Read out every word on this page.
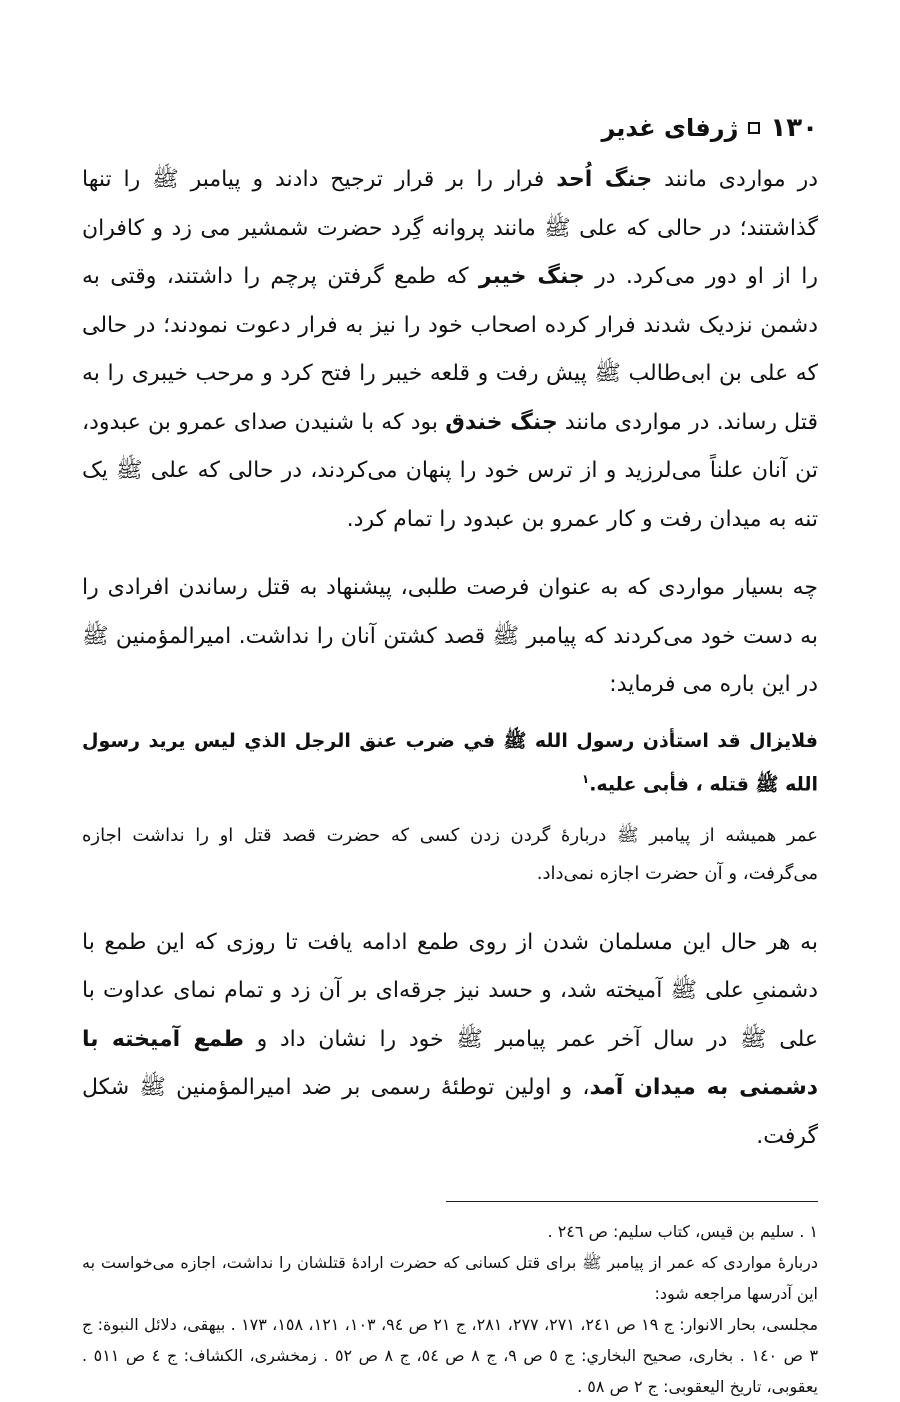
١٣٠
ژرفای غدیر

در مواردی مانند جنگ اُحد فرار را بر قرار ترجیح دادند و پیامبر ﷺ را تنها گذاشتند؛ در حالی که علی ﷺ مانند پروانه گِرد حضرت شمشیر می زد و کافران را از او دور می‌کرد. در جنگ خیبر که طمع گرفتن پرچم را داشتند، وقتی به دشمن نزدیک شدند فرار کرده اصحاب خود را نیز به فرار دعوت نمودند؛ در حالی که علی بن ابی‌طالب ﷺ پیش رفت و قلعه خیبر را فتح کرد و مرحب خیبری را به قتل رساند. در مواردی مانند جنگ خندق بود که با شنیدن صدای عمرو بن عبدود، تن آنان علناً می‌لرزید و از ترس خود را پنهان می‌کردند، در حالی که علی ﷺ یک تنه به میدان رفت و کار عمرو بن عبدود را تمام کرد.

چه بسیار مواردی که به عنوان فرصت طلبی، پیشنهاد به قتل رساندن افرادی را به دست خود می‌کردند که پیامبر ﷺ قصد کشتن آنان را نداشت. امیرالمؤمنین ﷺ در این باره می فرماید:

فلایزال قد استأذن رسول الله ﷺ في ضرب عنق الرجل الذي ليس يريد رسول الله ﷺ قتله ، فأبى عليه.$^١$

عمر همیشه از پیامبر ﷺ دربارهٔ گردن زدن کسی که حضرت قصد قتل او را نداشت اجازه می‌گرفت، و آن حضرت اجازه نمی‌داد.

به هر حال این مسلمان شدن از روی طمع ادامه یافت تا روزی که این طمع با دشمنیِ علی ﷺ آمیخته شد، و حسد نیز جرقه‌ای بر آن زد و تمام نمای عداوت با علی ﷺ در سال آخر عمر پیامبر ﷺ خود را نشان داد و طمع آمیخته با دشمنی به میدان آمد، و اولین توطئهٔ رسمی بر ضد امیرالمؤمنین ﷺ شکل گرفت.

۱ . سلیم بن قیس، کتاب سلیم: ص ٢٤٦ .

دربارهٔ مواردی که عمر از پیامبر ﷺ برای قتل کسانی که حضرت ارادهٔ قتلشان را نداشت، اجازه می‌خواست به این آدرسها مراجعه شود:

مجلسی، بحار الانوار: ج ١٩ ص ٢٤١، ٢٧١، ٢٧٧، ٢٨١، ج ٢١ ص ٩٤، ١٠٣، ١٢١، ١٥٨، ١٧٣ . بیهقی، دلائل النبوة: ج ٣ ص ١٤٠ . بخاری، صحیح البخاري: ج ٥ ص ٩، ج ٨ ص ٥٤، ج ٨ ص ٥٢ . زمخشری، الکشاف: ج ٤ ص ٥١١ . یعقوبی، تاریخ الیعقوبی: ج ٢ ص ٥٨ .
